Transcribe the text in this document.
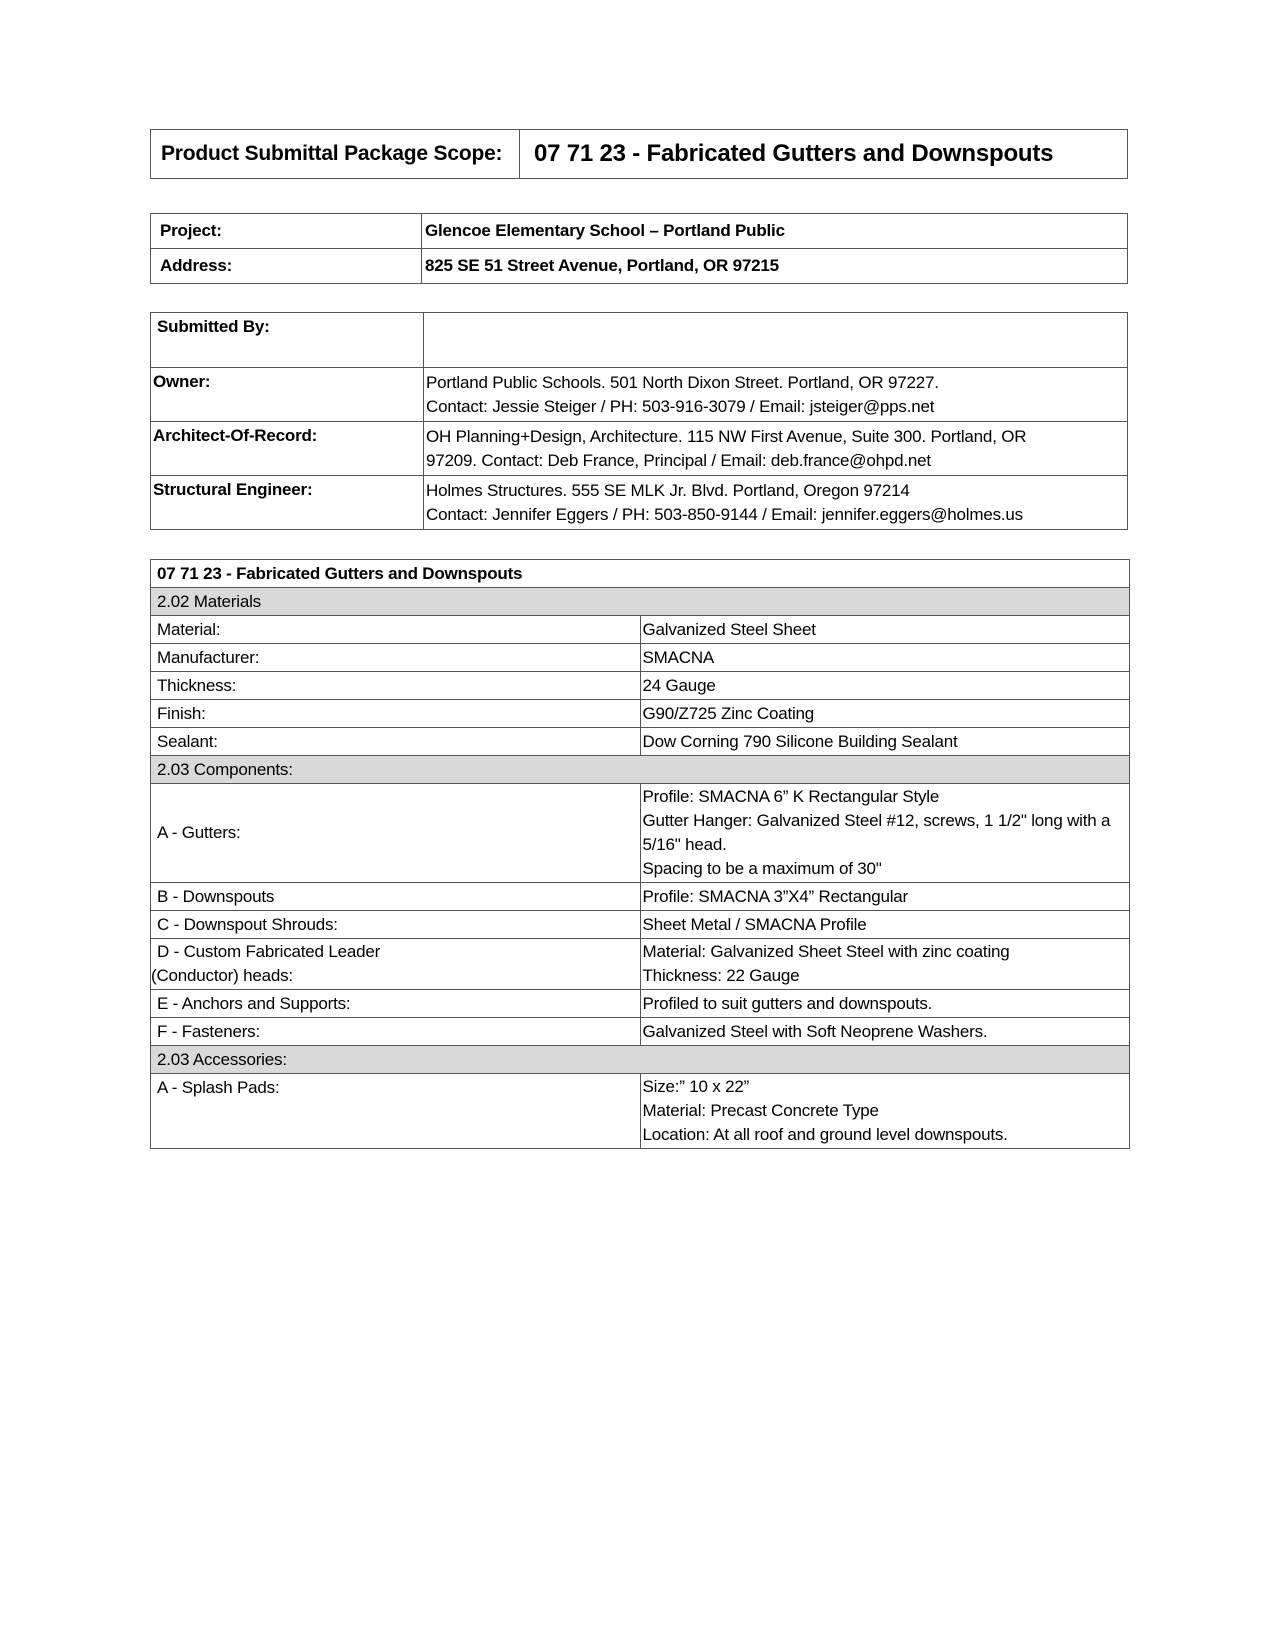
Product Submittal Package Scope:	07 71 23 - Fabricated Gutters and Downspouts
Project:	Glencoe Elementary School – Portland Public
Address:	825 SE 51 Street Avenue, Portland, OR 97215
Submitted By:	
Owner:	Portland Public Schools. 501 North Dixon Street. Portland, OR 97227.
Contact: Jessie Steiger / PH: 503-916-3079 / Email: jsteiger@pps.net

Architect-Of-Record:	OH Planning+Design, Architecture. 115 NW First Avenue, Suite 300. Portland, OR
97209. Contact: Deb France, Principal / Email: deb.france@ohpd.net

Structural Engineer:	Holmes Structures. 555 SE MLK Jr. Blvd. Portland, Oregon 97214
Contact: Jennifer Eggers / PH: 503-850-9144 / Email: jennifer.eggers@holmes.us
07 71 23 - Fabricated Gutters and Downspouts	
2.02 Materials	
Material:	Galvanized Steel Sheet
Manufacturer:	SMACNA
Thickness:	24 Gauge
Finish:	G90/Z725 Zinc Coating
Sealant:	Dow Corning 790 Silicone Building Sealant
2.03 Components:	
A - Gutters:	Profile: SMACNA 6” K Rectangular Style
Gutter Hanger: Galvanized Steel #12, screws, 1 1/2" long with a 5/16" head.
Spacing to be a maximum of 30"

B - Downspouts	Profile: SMACNA 3”X4” Rectangular
C - Downspout Shrouds:	Sheet Metal / SMACNA Profile

D - Custom Fabricated Leader
(Conductor) heads:	Material: Galvanized Sheet Steel with zinc coating
Thickness: 22 Gauge

E - Anchors and Supports:	Profiled to suit gutters and downspouts.
F - Fasteners:	Galvanized Steel with Soft Neoprene Washers.
2.03 Accessories:	
A - Splash Pads:	Size:” 10 x 22”
Material: Precast Concrete Type
Location: At all roof and ground level downspouts.
